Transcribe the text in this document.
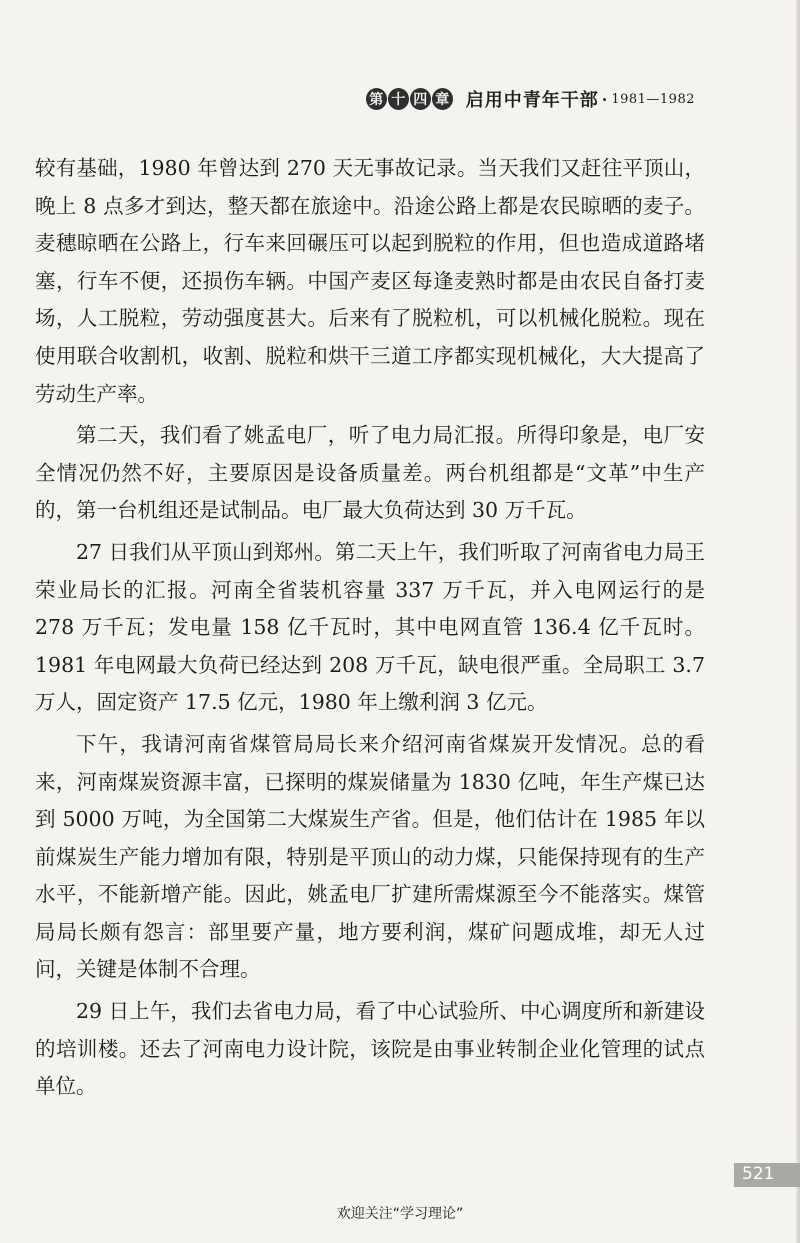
第 十 四 章 启用中青年干部 · 1981—1982

较有基础，1980 年曾达到 270 天无事故记录。当天我们又赶往平顶山，晚上 8 点多才到达，整天都在旅途中。沿途公路上都是农民晾晒的麦子。麦穗晾晒在公路上，行车来回碾压可以起到脱粒的作用，但也造成道路堵塞，行车不便，还损伤车辆。中国产麦区每逢麦熟时都是由农民自备打麦场，人工脱粒，劳动强度甚大。后来有了脱粒机，可以机械化脱粒。现在使用联合收割机，收割、脱粒和烘干三道工序都实现机械化，大大提高了劳动生产率。

第二天，我们看了姚孟电厂，听了电力局汇报。所得印象是，电厂安全情况仍然不好，主要原因是设备质量差。两台机组都是“文革”中生产的，第一台机组还是试制品。电厂最大负荷达到 30 万千瓦。

27 日我们从平顶山到郑州。第二天上午，我们听取了河南省电力局王荣业局长的汇报。河南全省装机容量 337 万千瓦，并入电网运行的是 278 万千瓦；发电量 158 亿千瓦时，其中电网直管 136.4 亿千瓦时。1981 年电网最大负荷已经达到 208 万千瓦，缺电很严重。全局职工 3.7 万人，固定资产 17.5 亿元，1980 年上缴利润 3 亿元。

下午，我请河南省煤管局局长来介绍河南省煤炭开发情况。总的看来，河南煤炭资源丰富，已探明的煤炭储量为 1830 亿吨，年生产煤已达到 5000 万吨，为全国第二大煤炭生产省。但是，他们估计在 1985 年以前煤炭生产能力增加有限，特别是平顶山的动力煤，只能保持现有的生产水平，不能新增产能。因此，姚孟电厂扩建所需煤源至今不能落实。煤管局局长颇有怨言：部里要产量，地方要利润，煤矿问题成堆，却无人过问，关键是体制不合理。

29 日上午，我们去省电力局，看了中心试验所、中心调度所和新建设的培训楼。还去了河南电力设计院，该院是由事业转制企业化管理的试点单位。

521
欢迎关注“学习理论”
